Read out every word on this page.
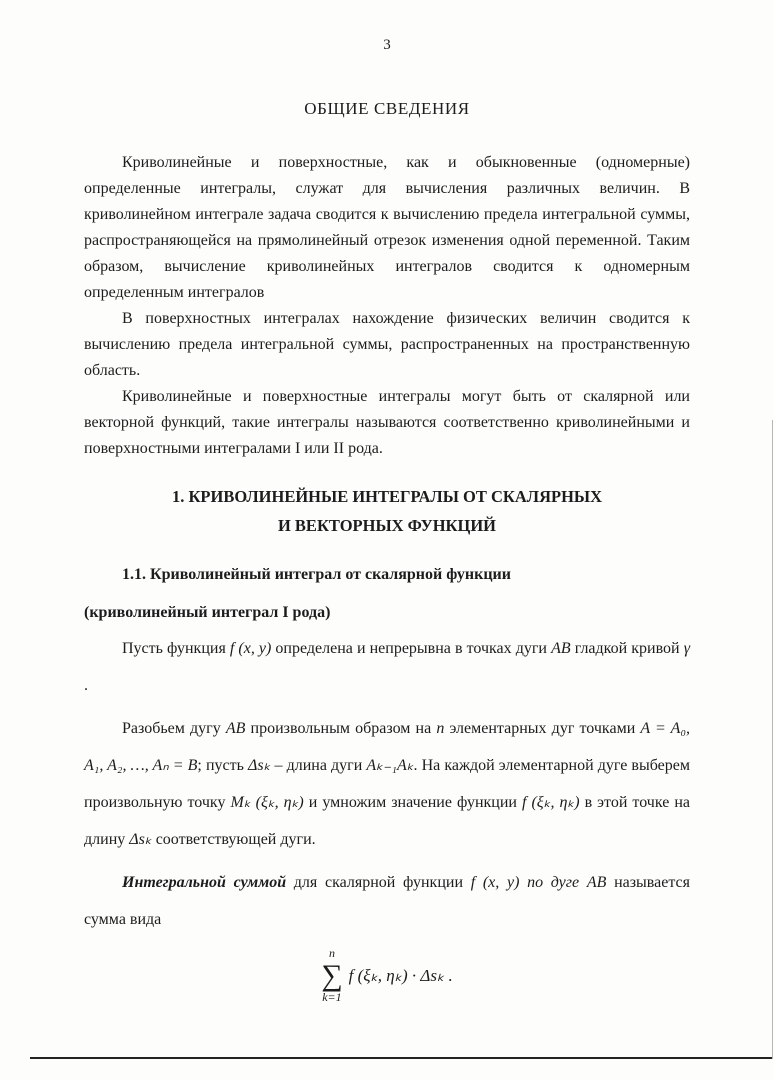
3
ОБЩИЕ СВЕДЕНИЯ

Криволинейные и поверхностные, как и обыкновенные (одномерные) определенные интегралы, служат для вычисления различных величин. В криволинейном интеграле задача сводится к вычислению предела интегральной суммы, распространяющейся на прямолинейный отрезок изменения одной переменной. Таким образом, вычисление криволинейных интегралов сводится к одномерным определенным интегралов

В поверхностных интегралах нахождение физических величин сводится к вычислению предела интегральной суммы, распространенных на пространственную область.

Криволинейные и поверхностные интегралы могут быть от скалярной или векторной функций, такие интегралы называются соответственно криволинейными и поверхностными интегралами I или II рода.

1. КРИВОЛИНЕЙНЫЕ ИНТЕГРАЛЫ ОТ СКАЛЯРНЫХ
И ВЕКТОРНЫХ ФУНКЦИЙ
1.1. Криволинейный интеграл от скалярной функции
(криволинейный интеграл I рода)

Пусть функция f (x, y) определена и непрерывна в точках дуги AB гладкой кривой γ .

Разобьем дугу AB произвольным образом на n элементарных дуг точками A = A₀, A₁, A₂, …, Aₙ = B; пусть Δsₖ – длина дуги Aₖ₋₁Aₖ. На каждой элементарной дуге выберем произвольную точку Mₖ (ξₖ, ηₖ) и умножим значение функции f (ξₖ, ηₖ) в этой точке на длину Δsₖ соответствующей дуги.

Интегральной суммой для скалярной функции f (x, y) по дуге AB называется сумма вида

n
∑
k=1
f (ξₖ, ηₖ) · Δsₖ .
